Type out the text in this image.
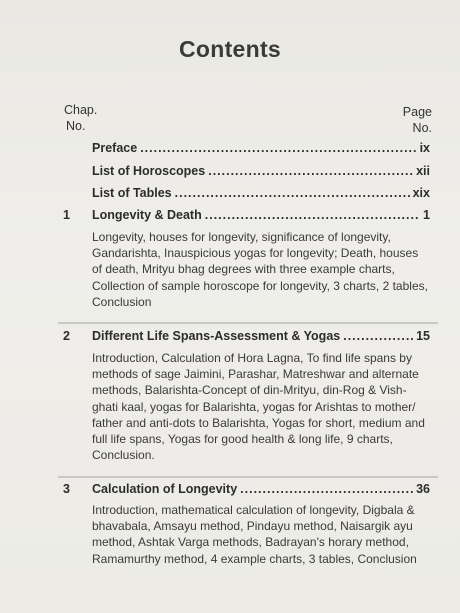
Contents
Chap.
No.
Page
No.
Preface .....	ix
List of Horoscopes .....	xii
List of Tables .....	xix
1 Longevity & Death .....	1
Longevity, houses for longevity, significance of longevity, Gandarishta, Inauspicious yogas for longevity; Death, houses of death, Mrityu bhag degrees with three example charts, Collection of sample horoscope for longevity, 3 charts, 2 tables, Conclusion
2 Different Life Spans-Assessment & Yogas .....	15
Introduction, Calculation of Hora Lagna, To find life spans by methods of sage Jaimini, Parashar, Matreshwar and alternate methods, Balarishta-Concept of din-Mrityu, din-Rog & Vish-ghati kaal, yogas for Balarishta, yogas for Arishtas to mother/ father and anti-dots to Balarishta, Yogas for short, medium and full life spans, Yogas for good health & long life, 9 charts, Conclusion.
3 Calculation of Longevity .....	36
Introduction, mathematical calculation of longevity, Digbala & bhavabala, Amsayu method, Pindayu method, Naisargik ayu method, Ashtak Varga methods, Badrayan's horary method, Ramamurthy method, 4 example charts, 3 tables, Conclusion
